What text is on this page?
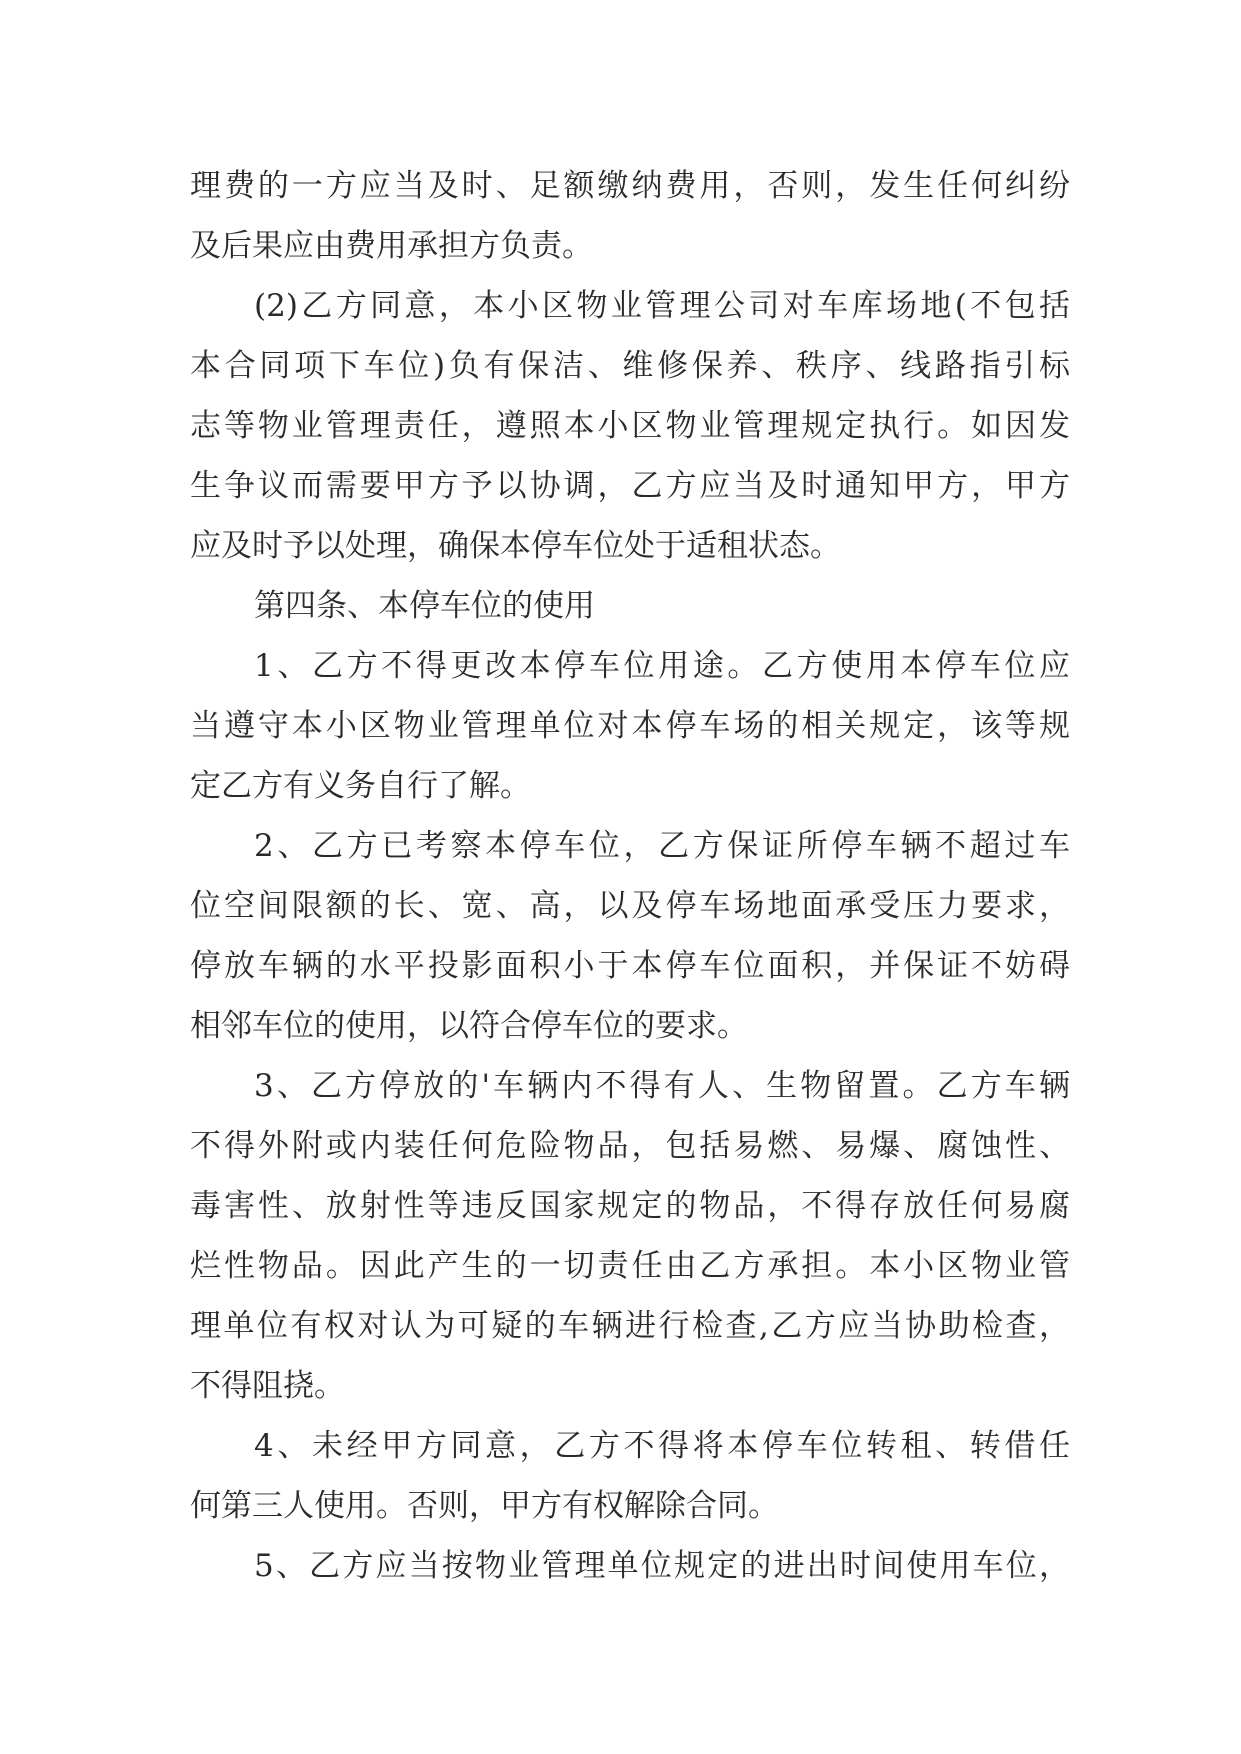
理费的一方应当及时、足额缴纳费用，否则，发生任何纠纷
及后果应由费用承担方负责。
(2)乙方同意，本小区物业管理公司对车库场地(不包括
本合同项下车位)负有保洁、维修保养、秩序、线路指引标
志等物业管理责任，遵照本小区物业管理规定执行。如因发
生争议而需要甲方予以协调，乙方应当及时通知甲方，甲方
应及时予以处理，确保本停车位处于适租状态。
第四条、本停车位的使用
1、乙方不得更改本停车位用途。乙方使用本停车位应
当遵守本小区物业管理单位对本停车场的相关规定，该等规
定乙方有义务自行了解。
2、乙方已考察本停车位，乙方保证所停车辆不超过车
位空间限额的长、宽、高，以及停车场地面承受压力要求，
停放车辆的水平投影面积小于本停车位面积，并保证不妨碍
相邻车位的使用，以符合停车位的要求。
3、乙方停放的'车辆内不得有人、生物留置。乙方车辆
不得外附或内装任何危险物品，包括易燃、易爆、腐蚀性、
毒害性、放射性等违反国家规定的物品，不得存放任何易腐
烂性物品。因此产生的一切责任由乙方承担。本小区物业管
理单位有权对认为可疑的车辆进行检查,乙方应当协助检查，
不得阻挠。
4、未经甲方同意，乙方不得将本停车位转租、转借任
何第三人使用。否则，甲方有权解除合同。
5、乙方应当按物业管理单位规定的进出时间使用车位，
